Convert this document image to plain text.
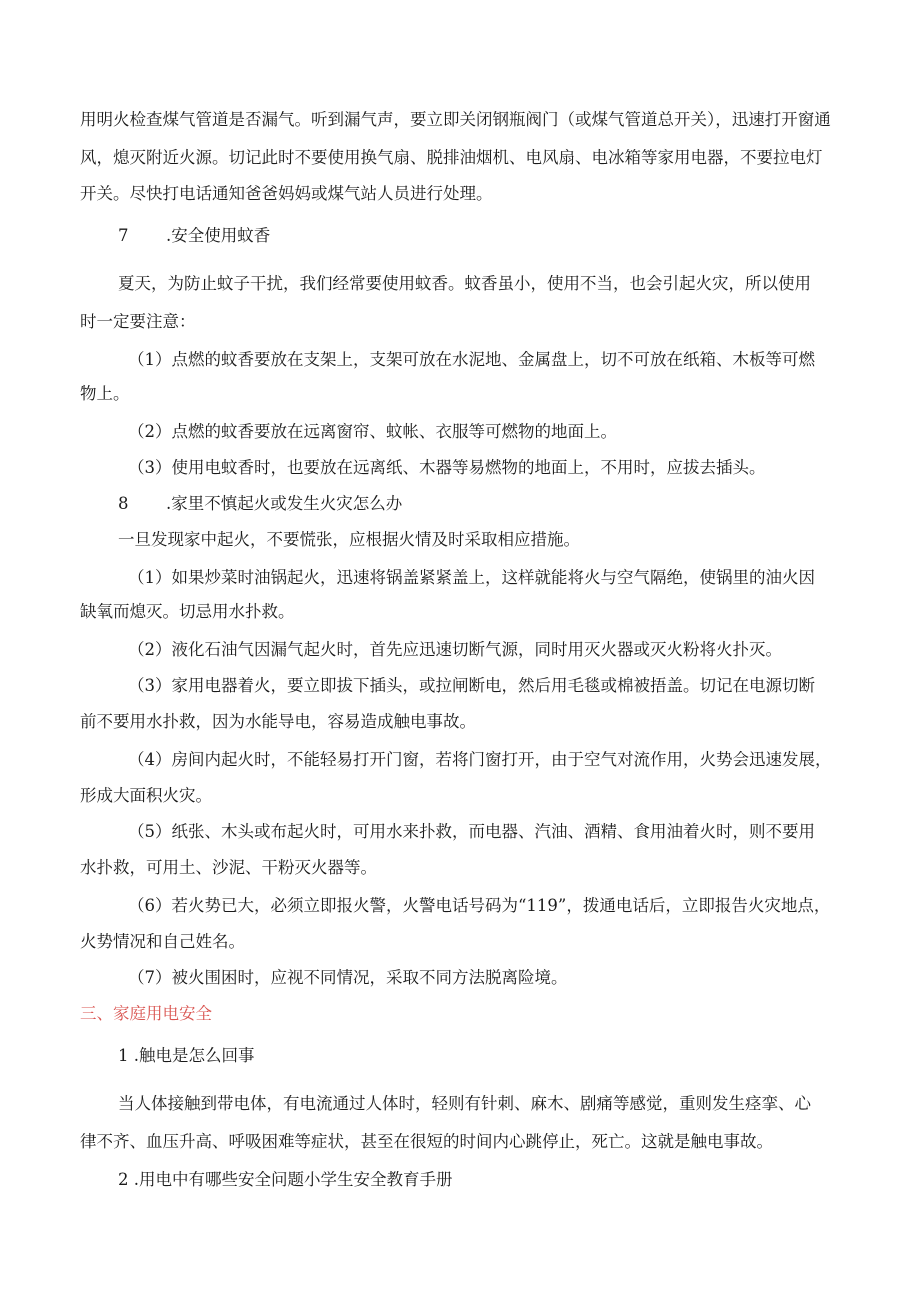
用明火检查煤气管道是否漏气。听到漏气声，要立即关闭钢瓶阀门（或煤气管道总开关），迅速打开窗通
风，熄灭附近火源。切记此时不要使用换气扇、脱排油烟机、电风扇、电冰箱等家用电器，不要拉电灯
开关。尽快打电话通知爸爸妈妈或煤气站人员进行处理。
7 .安全使用蚊香
夏天，为防止蚊子干扰，我们经常要使用蚊香。蚊香虽小，使用不当，也会引起火灾，所以使用
时一定要注意：
（1）点燃的蚊香要放在支架上，支架可放在水泥地、金属盘上，切不可放在纸箱、木板等可燃
物上。
（2）点燃的蚊香要放在远离窗帘、蚊帐、衣服等可燃物的地面上。
（3）使用电蚊香时，也要放在远离纸、木器等易燃物的地面上，不用时，应拔去插头。
8 .家里不慎起火或发生火灾怎么办
一旦发现家中起火，不要慌张，应根据火情及时采取相应措施。
（1）如果炒菜时油锅起火，迅速将锅盖紧紧盖上，这样就能将火与空气隔绝，使锅里的油火因
缺氧而熄灭。切忌用水扑救。
（2）液化石油气因漏气起火时，首先应迅速切断气源，同时用灭火器或灭火粉将火扑灭。
（3）家用电器着火，要立即拔下插头，或拉闸断电，然后用毛毯或棉被捂盖。切记在电源切断
前不要用水扑救，因为水能导电，容易造成触电事故。
（4）房间内起火时，不能轻易打开门窗，若将门窗打开，由于空气对流作用，火势会迅速发展，
形成大面积火灾。
（5）纸张、木头或布起火时，可用水来扑救，而电器、汽油、酒精、食用油着火时，则不要用
水扑救，可用土、沙泥、干粉灭火器等。
（6）若火势已大，必须立即报火警，火警电话号码为“119”，拨通电话后，立即报告火灾地点，
火势情况和自己姓名。
（7）被火围困时，应视不同情况，采取不同方法脱离险境。
三、家庭用电安全
1 .触电是怎么回事
当人体接触到带电体，有电流通过人体时，轻则有针刺、麻木、剧痛等感觉，重则发生痉挛、心
律不齐、血压升高、呼吸困难等症状，甚至在很短的时间内心跳停止，死亡。这就是触电事故。
2 .用电中有哪些安全问题小学生安全教育手册
